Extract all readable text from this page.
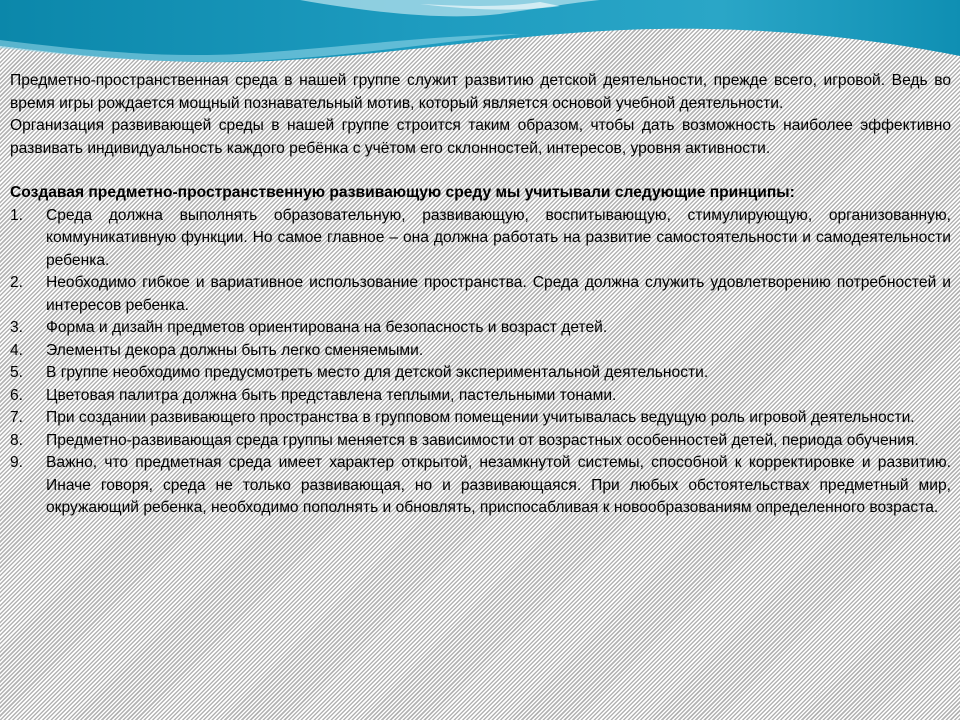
Предметно-пространственная среда в нашей группе служит развитию детской деятельности, прежде всего, игровой. Ведь во время игры рождается мощный познавательный мотив, который является основой учебной деятельности.

Организация развивающей среды в нашей группе строится таким образом, чтобы дать возможность наиболее эффективно развивать индивидуальность каждого ребёнка с учётом его склонностей, интересов, уровня активности.

Создавая предметно-пространственную развивающую среду мы учитывали следующие принципы:

1.	Среда должна выполнять образовательную, развивающую, воспитывающую, стимулирующую, организованную, коммуникативную функции. Но самое главное – она должна работать на развитие самостоятельности и самодеятельности ребенка.
2.	Необходимо гибкое и вариативное использование пространства. Среда должна служить удовлетворению потребностей и интересов ребенка.
3.	Форма и дизайн предметов ориентирована на безопасность и возраст детей.
4.	Элементы декора должны быть легко сменяемыми.
5.	В группе необходимо предусмотреть место для детской экспериментальной деятельности.
6.	Цветовая палитра должна быть представлена теплыми, пастельными тонами.
7.	При создании развивающего пространства в групповом помещении учитывалась ведущую роль игровой деятельности.
8.	Предметно-развивающая среда группы меняется в зависимости от возрастных особенностей детей, периода обучения.
9.	Важно, что предметная среда имеет характер открытой, незамкнутой системы, способной к корректировке и развитию. Иначе говоря, среда не только развивающая, но и развивающаяся. При любых обстоятельствах предметный мир, окружающий ребенка, необходимо пополнять и обновлять, приспосабливая к новообразованиям определенного возраста.
